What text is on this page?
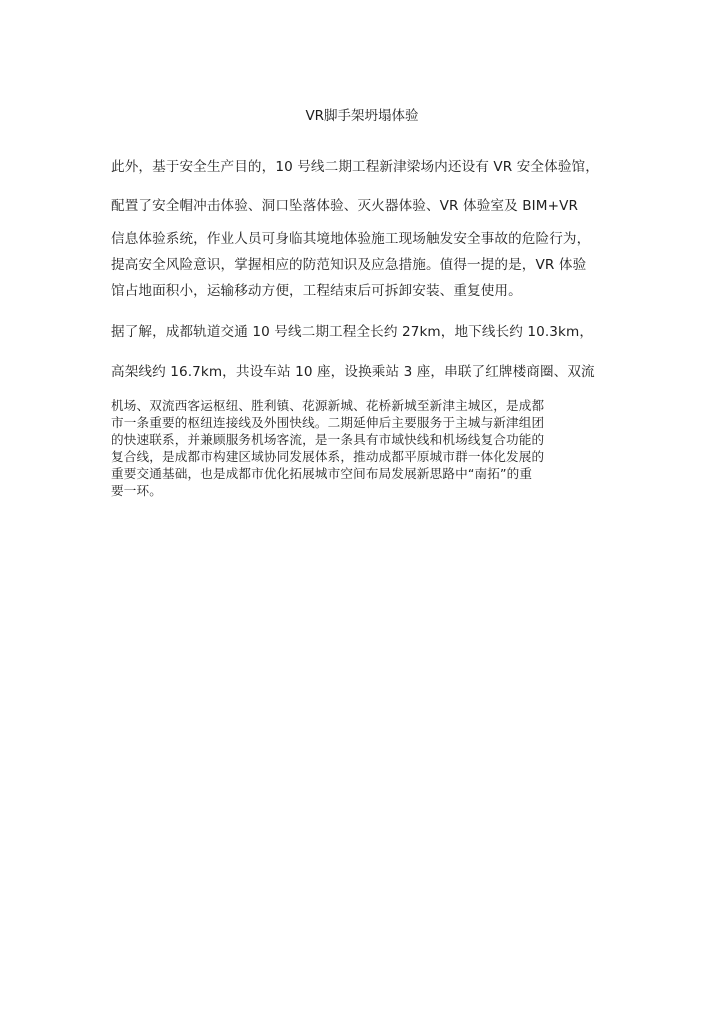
VR脚手架坍塌体验
此外，基于安全生产目的，10 号线二期工程新津梁场内还设有 VR 安全体验馆，
配置了安全帽冲击体验、洞口坠落体验、灭火器体验、VR 体验室及 BIM+VR
信息体验系统，作业人员可身临其境地体验施工现场触发安全事故的危险行为，
提高安全风险意识，掌握相应的防范知识及应急措施。值得一提的是，VR 体验
馆占地面积小，运输移动方便，工程结束后可拆卸安装、重复使用。
据了解，成都轨道交通 10 号线二期工程全长约 27km，地下线长约 10.3km，
高架线约 16.7km，共设车站 10 座，设换乘站 3 座，串联了红牌楼商圈、双流
机场、双流西客运枢纽、胜利镇、花源新城、花桥新城至新津主城区，是成都
市一条重要的枢纽连接线及外围快线。二期延伸后主要服务于主城与新津组团
的快速联系，并兼顾服务机场客流，是一条具有市域快线和机场线复合功能的
复合线，是成都市构建区域协同发展体系，推动成都平原城市群一体化发展的
重要交通基础，也是成都市优化拓展城市空间布局发展新思路中“南拓”的重
要一环。
